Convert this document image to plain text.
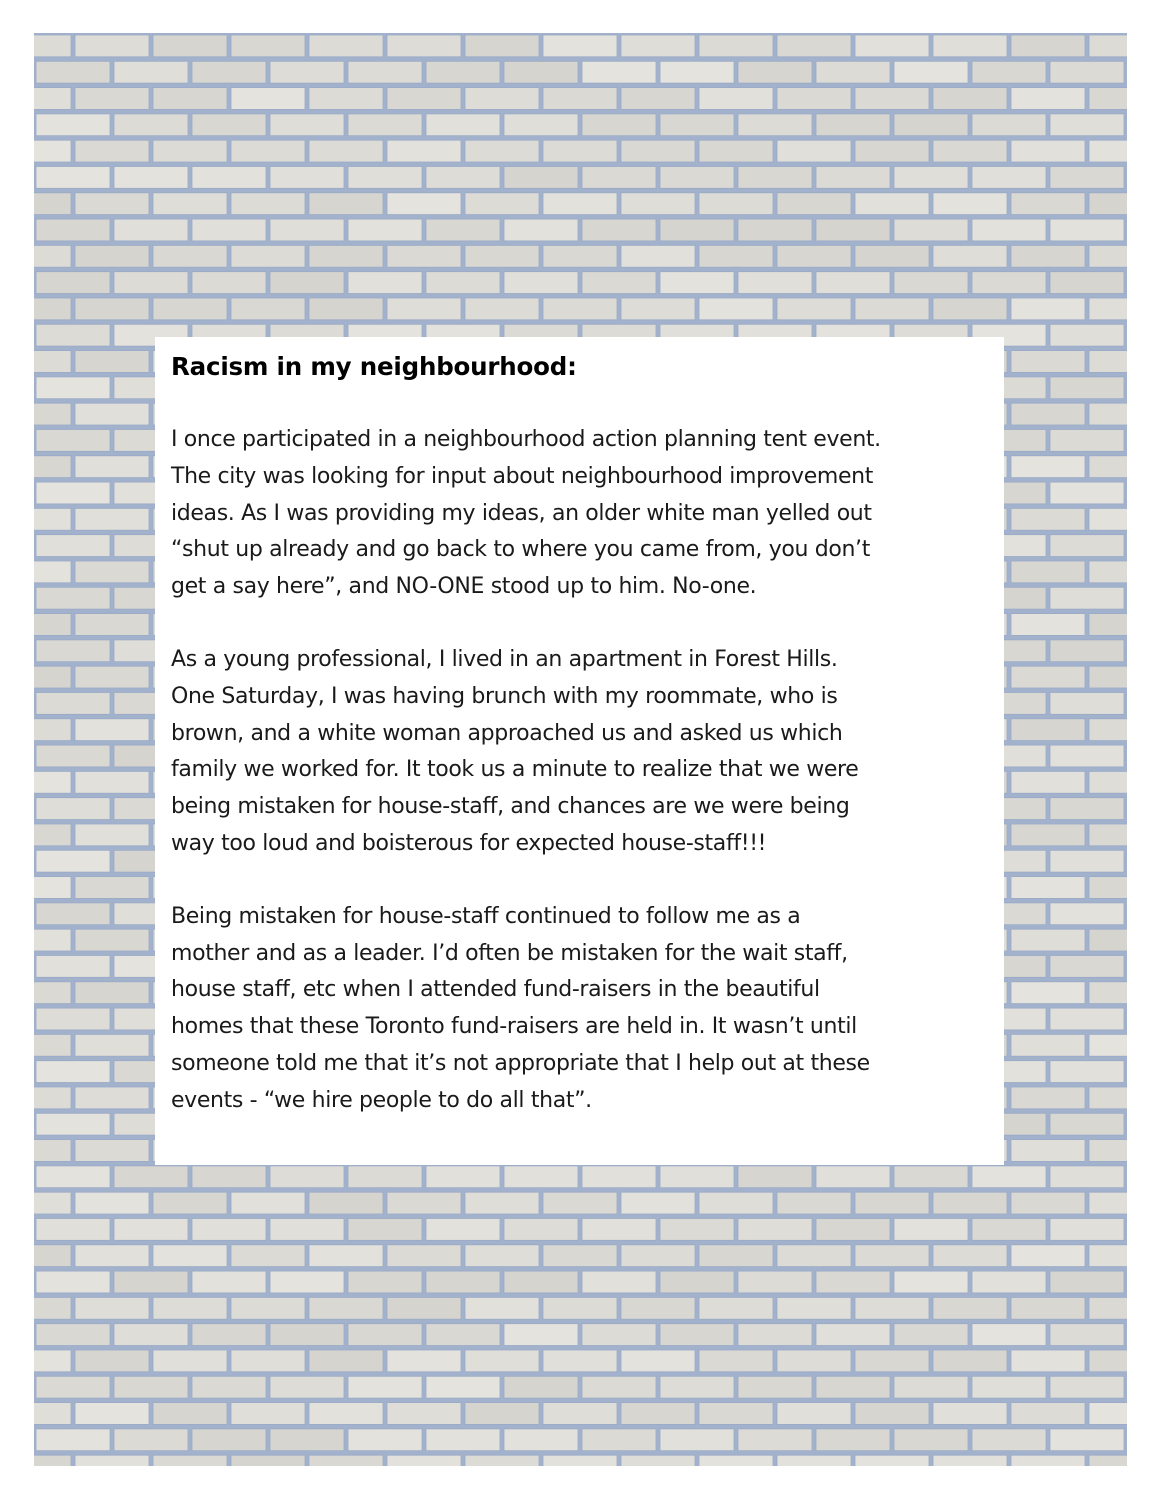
Racism in my neighbourhood:
I once participated in a neighbourhood action planning tent event.
The city was looking for input about neighbourhood improvement
ideas. As I was providing my ideas, an older white man yelled out
“shut up already and go back to where you came from, you don’t
get a say here”, and NO-ONE stood up to him. No-one.
As a young professional, I lived in an apartment in Forest Hills.
One Saturday, I was having brunch with my roommate, who is
brown, and a white woman approached us and asked us which
family we worked for. It took us a minute to realize that we were
being mistaken for house-staff, and chances are we were being
way too loud and boisterous for expected house-staff!!!
Being mistaken for house-staff continued to follow me as a
mother and as a leader. I’d often be mistaken for the wait staff,
house staff, etc when I attended fund-raisers in the beautiful
homes that these Toronto fund-raisers are held in. It wasn’t until
someone told me that it’s not appropriate that I help out at these
events - “we hire people to do all that”.
